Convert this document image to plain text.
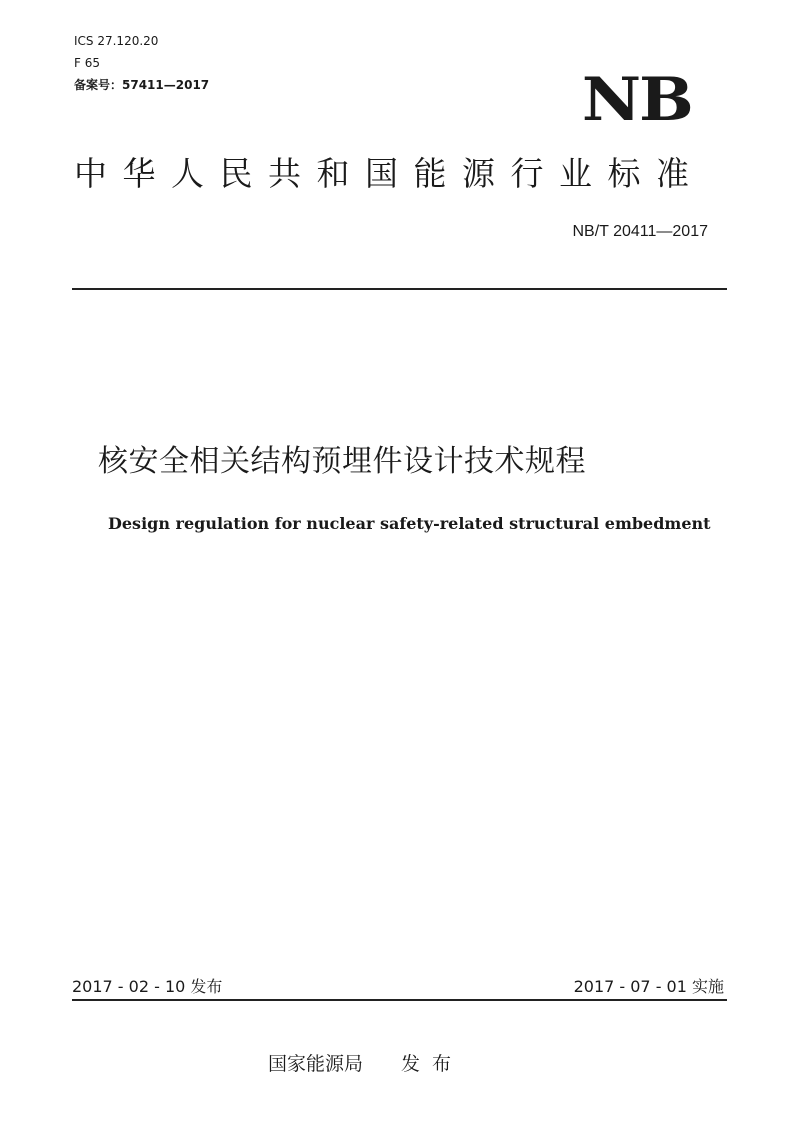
ICS 27.120.20
F 65
备案号：57411—2017	NB
中华人民共和国能源行业标准
NB/T 20411—2017
核安全相关结构预埋件设计技术规程
Design regulation for nuclear safety-related structural embedment
2017 - 02 - 10 发布	2017 - 07 - 01 实施
国家能源局 发布
